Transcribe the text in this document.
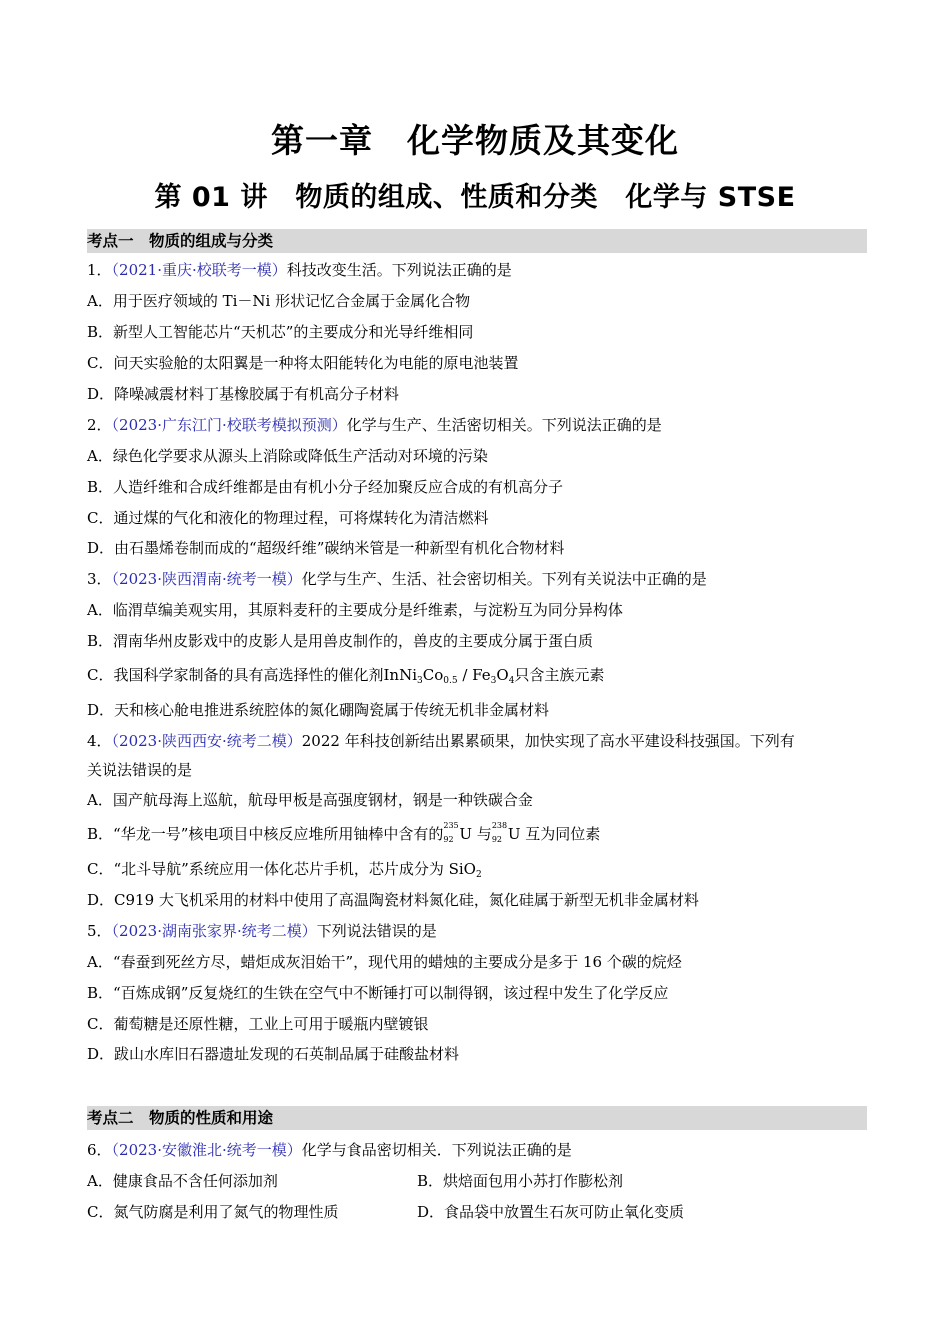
第一章　化学物质及其变化
第 01 讲　物质的组成、性质和分类　化学与 STSE
考点一　物质的组成与分类
1．（2021·重庆·校联考一模）科技改变生活。下列说法正确的是
A．用于医疗领域的 Ti－Ni 形状记忆合金属于金属化合物
B．新型人工智能芯片“天机芯”的主要成分和光导纤维相同
C．问天实验舱的太阳翼是一种将太阳能转化为电能的原电池装置
D．降噪减震材料丁基橡胶属于有机高分子材料
2．（2023·广东江门·校联考模拟预测）化学与生产、生活密切相关。下列说法正确的是
A．绿色化学要求从源头上消除或降低生产活动对环境的污染
B．人造纤维和合成纤维都是由有机小分子经加聚反应合成的有机高分子
C．通过煤的气化和液化的物理过程，可将煤转化为清洁燃料
D．由石墨烯卷制而成的“超级纤维”碳纳米管是一种新型有机化合物材料
3．（2023·陕西渭南·统考一模）化学与生产、生活、社会密切相关。下列有关说法中正确的是
A．临渭草编美观实用，其原料麦秆的主要成分是纤维素，与淀粉互为同分异构体
B．渭南华州皮影戏中的皮影人是用兽皮制作的，兽皮的主要成分属于蛋白质
C．我国科学家制备的具有高选择性的催化剂$InNi_3Co_{0.5} / Fe_3O_4$只含主族元素
D．天和核心舱电推进系统腔体的氮化硼陶瓷属于传统无机非金属材料
4．（2023·陕西西安·统考二模）2022 年科技创新结出累累硕果，加快实现了高水平建设科技强国。下列有
关说法错误的是
A．国产航母海上巡航，航母甲板是高强度钢材，钢是一种铁碳合金
B．“华龙一号”核电项目中核反应堆所用铀棒中含有的 235
92 U 与 238
92 U 互为同位素
C．“北斗导航”系统应用一体化芯片手机，芯片成分为 SiO$_2$
D．C919 大飞机采用的材料中使用了高温陶瓷材料氮化硅，氮化硅属于新型无机非金属材料
5．（2023·湖南张家界·统考二模）下列说法错误的是
A．“春蚕到死丝方尽，蜡炬成灰泪始干”，现代用的蜡烛的主要成分是多于 16 个碳的烷烃
B．“百炼成钢”反复烧红的生铁在空气中不断锤打可以制得钢，该过程中发生了化学反应
C．葡萄糖是还原性糖，工业上可用于暖瓶内壁镀银
D．跋山水库旧石器遗址发现的石英制品属于硅酸盐材料
考点二　物质的性质和用途
6．（2023·安徽淮北·统考一模）化学与食品密切相关．下列说法正确的是
A．健康食品不含任何添加剂	B．烘焙面包用小苏打作膨松剂
C．氮气防腐是利用了氮气的物理性质	D．食品袋中放置生石灰可防止氧化变质
